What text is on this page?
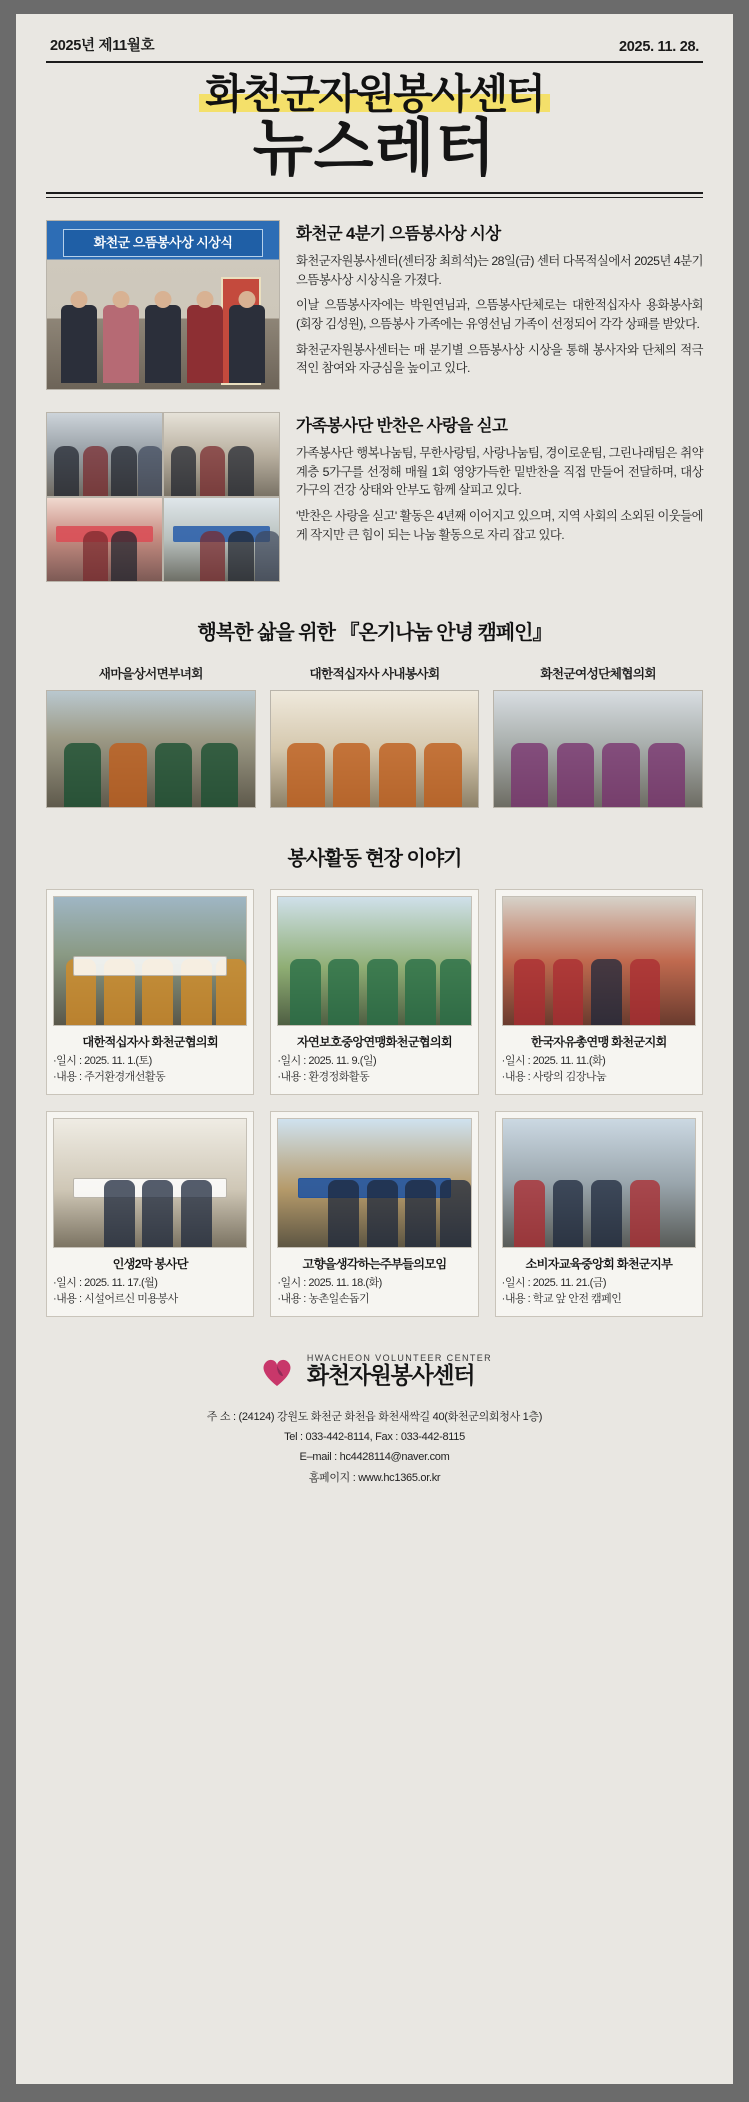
2025년 제11월호	2025. 11. 28.
화천군자원봉사센터
뉴스레터
화천군 으뜸봉사상 시상식	화천군 4분기 으뜸봉사상 시상

화천군자원봉사센터(센터장 최희석)는 28일(금) 센터 다목적실에서 2025년 4분기 으뜸봉사상 시상식을 가졌다.

이날 으뜸봉사자에는 박원연님과, 으뜸봉사단체로는 대한적십자사 용화봉사회(회장 김성원), 으뜸봉사 가족에는 유영선님 가족이 선정되어 각각 상패를 받았다.

화천군자원봉사센터는 매 분기별 으뜸봉사상 시상을 통해 봉사자와 단체의 적극적인 참여와 자긍심을 높이고 있다.

가족봉사단 반찬은 사랑을 싣고

가족봉사단 행복나눔팀, 무한사랑팀, 사랑나눔팀, 경이로운팀, 그린나래팀은 취약계층 5가구를 선정해 매월 1회 영양가득한 밑반찬을 직접 만들어 전달하며, 대상 가구의 건강 상태와 안부도 함께 살피고 있다.

'반찬은 사랑을 싣고' 활동은 4년째 이어지고 있으며, 지역 사회의 소외된 이웃들에게 작지만 큰 힘이 되는 나눔 활동으로 자리 잡고 있다.

행복한 삶을 위한 『온기나눔 안녕 캠페인』
새마을상서면부녀회	대한적십자사 사내봉사회	화천군여성단체협의회
봉사활동 현장 이야기
대한적십자사 화천군협의회
·일시 : 2025. 11. 1.(토)
·내용 : 주거환경개선활동
자연보호중앙연맹화천군협의회
·일시 : 2025. 11. 9.(일)
·내용 : 환경정화활동
한국자유총연맹 화천군지회
·일시 : 2025. 11. 11.(화)
·내용 : 사랑의 김장나눔
인생2막 봉사단
·일시 : 2025. 11. 17.(월)
·내용 : 시설어르신 미용봉사
고향을생각하는주부들의모임
·일시 : 2025. 11. 18.(화)
·내용 : 농촌일손돕기
소비자교육중앙회 화천군지부
·일시 : 2025. 11. 21.(금)
·내용 : 학교 앞 안전 캠페인
HWACHEON VOLUNTEER CENTER
화천자원봉사센터
주 소 : (24124) 강원도 화천군 화천읍 화천새싹길 40(화천군의회청사 1층)
Tel : 033-442-8114, Fax : 033-442-8115
E–mail : hc4428114@naver.com
홈페이지 : www.hc1365.or.kr
